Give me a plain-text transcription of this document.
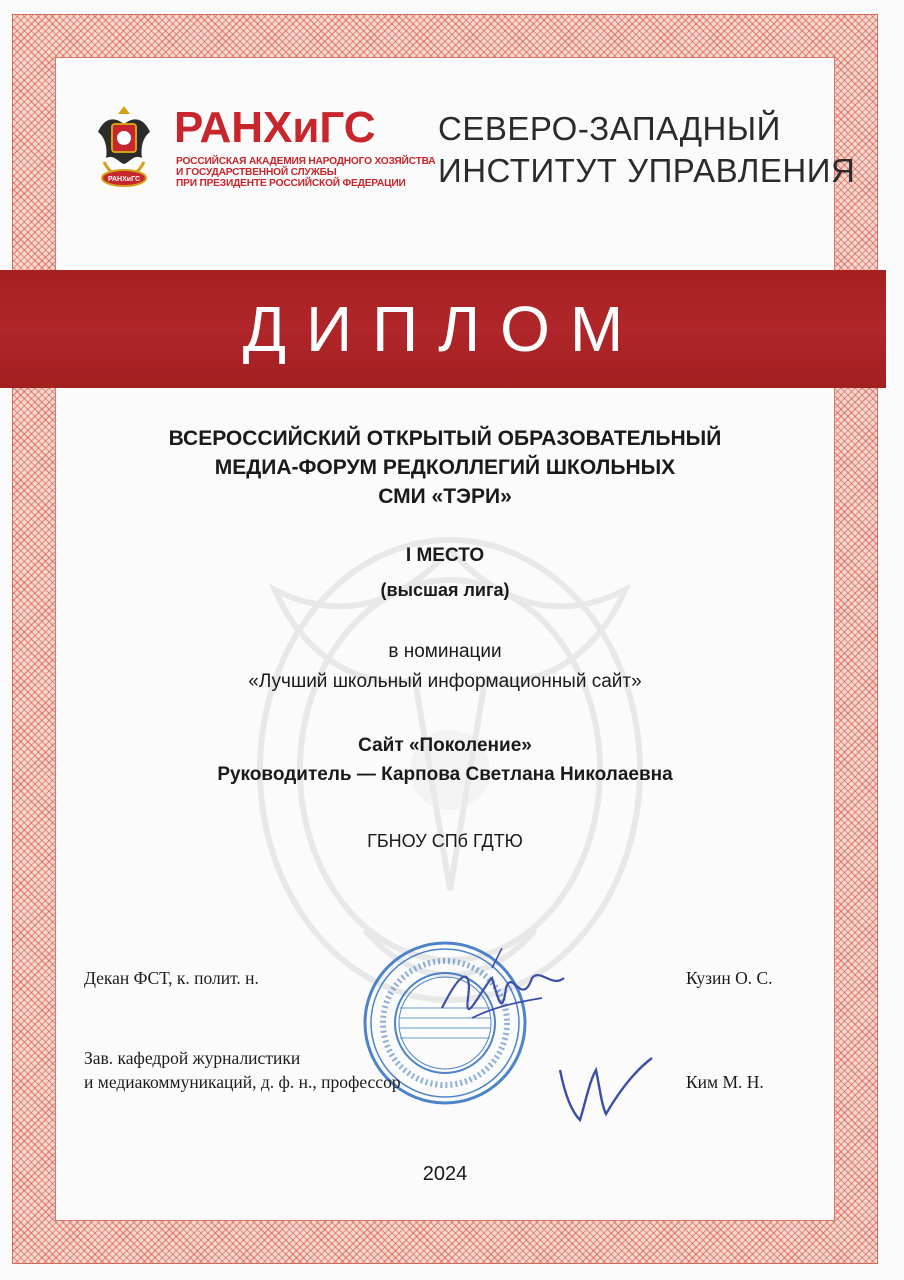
РАНХиГС
РАНХиГС
РОССИЙСКАЯ АКАДЕМИЯ НАРОДНОГО ХОЗЯЙСТВА
И ГОСУДАРСТВЕННОЙ СЛУЖБЫ
ПРИ ПРЕЗИДЕНТЕ РОССИЙСКОЙ ФЕДЕРАЦИИ
СЕВЕРО-ЗАПАДНЫЙ
ИНСТИТУТ УПРАВЛЕНИЯ
ДИПЛОМ
ВСЕРОССИЙСКИЙ ОТКРЫТЫЙ ОБРАЗОВАТЕЛЬНЫЙ
МЕДИА-ФОРУМ РЕДКОЛЛЕГИЙ ШКОЛЬНЫХ
СМИ «ТЭРИ»
I МЕСТО
(высшая лига)
в номинации
«Лучший школьный информационный сайт»
Сайт «Поколение»
Руководитель — Карпова Светлана Николаевна
ГБНОУ СПб ГДТЮ
Декан ФСТ, к. полит. н.	Кузин О. С.
Зав. кафедрой журналистики
и медиакоммуникаций, д. ф. н., профессор	Ким М. Н.
2024
